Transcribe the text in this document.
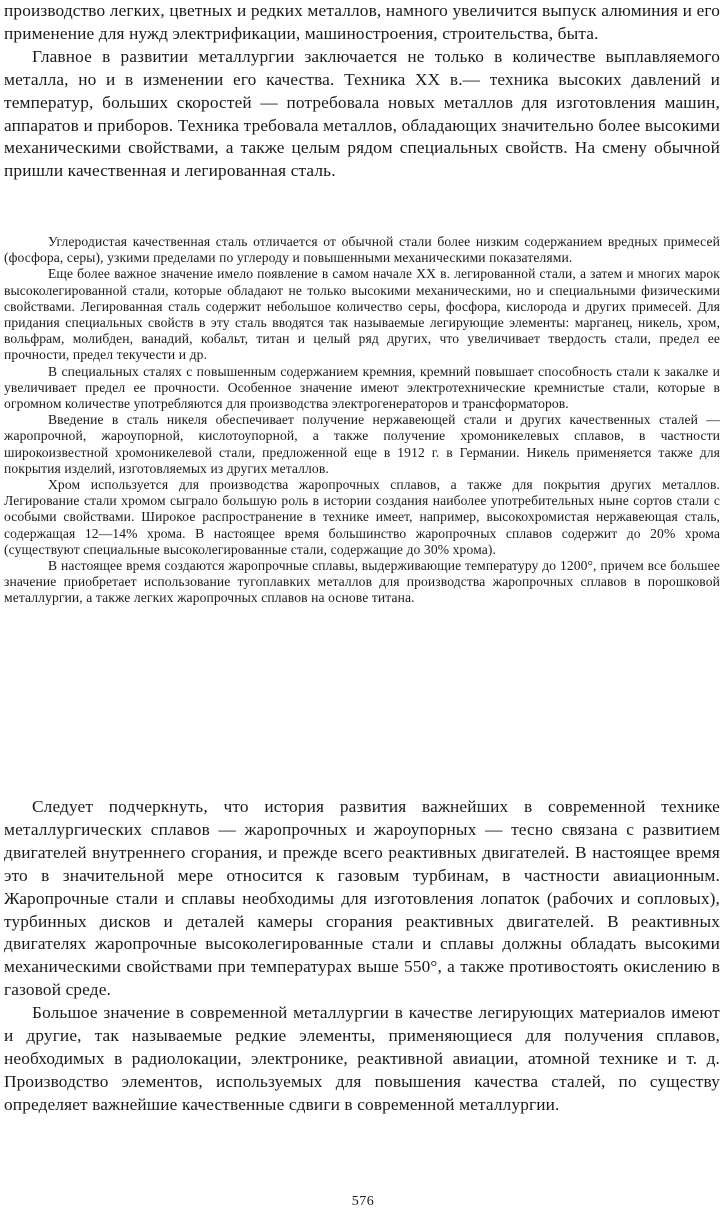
производство легких, цветных и редких металлов, намного увеличится выпуск алюминия и его применение для нужд электрификации, машиностроения, строительства, быта.

Главное в развитии металлургии заключается не только в количестве выплавляемого металла, но и в изменении его качества. Техника XX в.— техника высоких давлений и температур, больших скоростей — потребовала новых металлов для изготовления машин, аппаратов и приборов. Техника требовала металлов, обладающих значительно более высокими механическими свойствами, а также целым рядом специальных свойств. На смену обычной пришли качественная и легированная сталь.

Углеродистая качественная сталь отличается от обычной стали более низким содержанием вредных примесей (фосфора, серы), узкими пределами по углероду и повышенными механическими показателями.

Еще более важное значение имело появление в самом начале XX в. легированной стали, а затем и многих марок высоколегированной стали, которые обладают не только высокими механическими, но и специальными физическими свойствами. Легированная сталь содержит небольшое количество серы, фосфора, кислорода и других примесей. Для придания специальных свойств в эту сталь вводятся так называемые легирующие элементы: марганец, никель, хром, вольфрам, молибден, ванадий, кобальт, титан и целый ряд других, что увеличивает твердость стали, предел ее прочности, предел текучести и др.

В специальных сталях с повышенным содержанием кремния, кремний повышает способность стали к закалке и увеличивает предел ее прочности. Особенное значение имеют электротехнические кремнистые стали, которые в огромном количестве употребляются для производства электрогенераторов и трансформаторов.

Введение в сталь никеля обеспечивает получение нержавеющей стали и других качественных сталей — жаропрочной, жароупорной, кислотоупорной, а также получение хромоникелевых сплавов, в частности широкоизвестной хромоникелевой стали, предложенной еще в 1912 г. в Германии. Никель применяется также для покрытия изделий, изготовляемых из других металлов.

Хром используется для производства жаропрочных сплавов, а также для покрытия других металлов. Легирование стали хромом сыграло большую роль в истории создания наиболее употребительных ныне сортов стали с особыми свойствами. Широкое распространение в технике имеет, например, высокохромистая нержавеющая сталь, содержащая 12—14% хрома. В настоящее время большинство жаропрочных сплавов содержит до 20% хрома (существуют специальные высоколегированные стали, содержащие до 30% хрома).

В настоящее время создаются жаропрочные сплавы, выдерживающие температуру до 1200°, причем все большее значение приобретает использование тугоплавких металлов для производства жаропрочных сплавов в порошковой металлургии, а также легких жаропрочных сплавов на основе титана.

Следует подчеркнуть, что история развития важнейших в современной технике металлургических сплавов — жаропрочных и жароупорных — тесно связана с развитием двигателей внутреннего сгорания, и прежде всего реактивных двигателей. В настоящее время это в значительной мере относится к газовым турбинам, в частности авиационным. Жаропрочные стали и сплавы необходимы для изготовления лопаток (рабочих и сопловых), турбинных дисков и деталей камеры сгорания реактивных двигателей. В реактивных двигателях жаропрочные высоколегированные стали и сплавы должны обладать высокими механическими свойствами при температурах выше 550°, а также противостоять окислению в газовой среде.

Большое значение в современной металлургии в качестве легирующих материалов имеют и другие, так называемые редкие элементы, применяющиеся для получения сплавов, необходимых в радиолокации, электронике, реактивной авиации, атомной технике и т. д. Производство элементов, используемых для повышения качества сталей, по существу определяет важнейшие качественные сдвиги в современной металлургии.

576
